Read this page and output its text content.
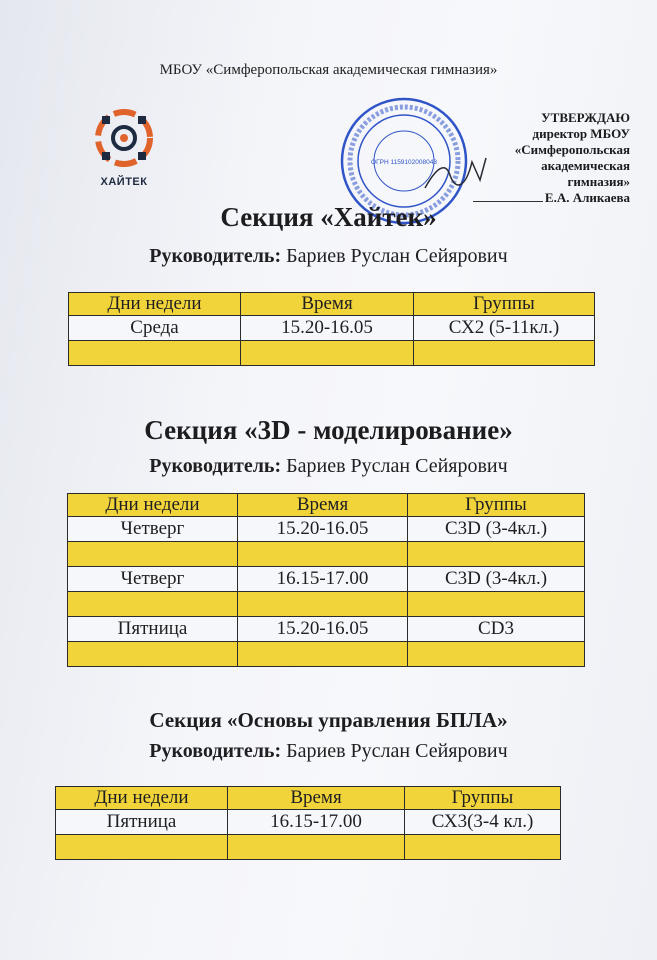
МБОУ «Симферопольская академическая гимназия»
ХАЙТЕК
ОГРН 1159102008043
УТВЕРЖДАЮ
директор МБОУ
«Симферопольская академическая
гимназия»
Е.А. Аликаева
Секция «Хайтек»
Руководитель: Бариев Руслан Сейярович
Дни недели	Время	Группы
Среда	15.20-16.05	СХ2 (5-11кл.)

Секция «3D - моделирование»
Руководитель: Бариев Руслан Сейярович
Дни недели	Время	Группы
Четверг	15.20-16.05	С3D (3-4кл.)

Четверг	16.15-17.00	С3D (3-4кл.)

Пятница	15.20-16.05	СD3

Секция «Основы управления БПЛА»
Руководитель: Бариев Руслан Сейярович
Дни недели	Время	Группы
Пятница	16.15-17.00	СХ3(3-4 кл.)
